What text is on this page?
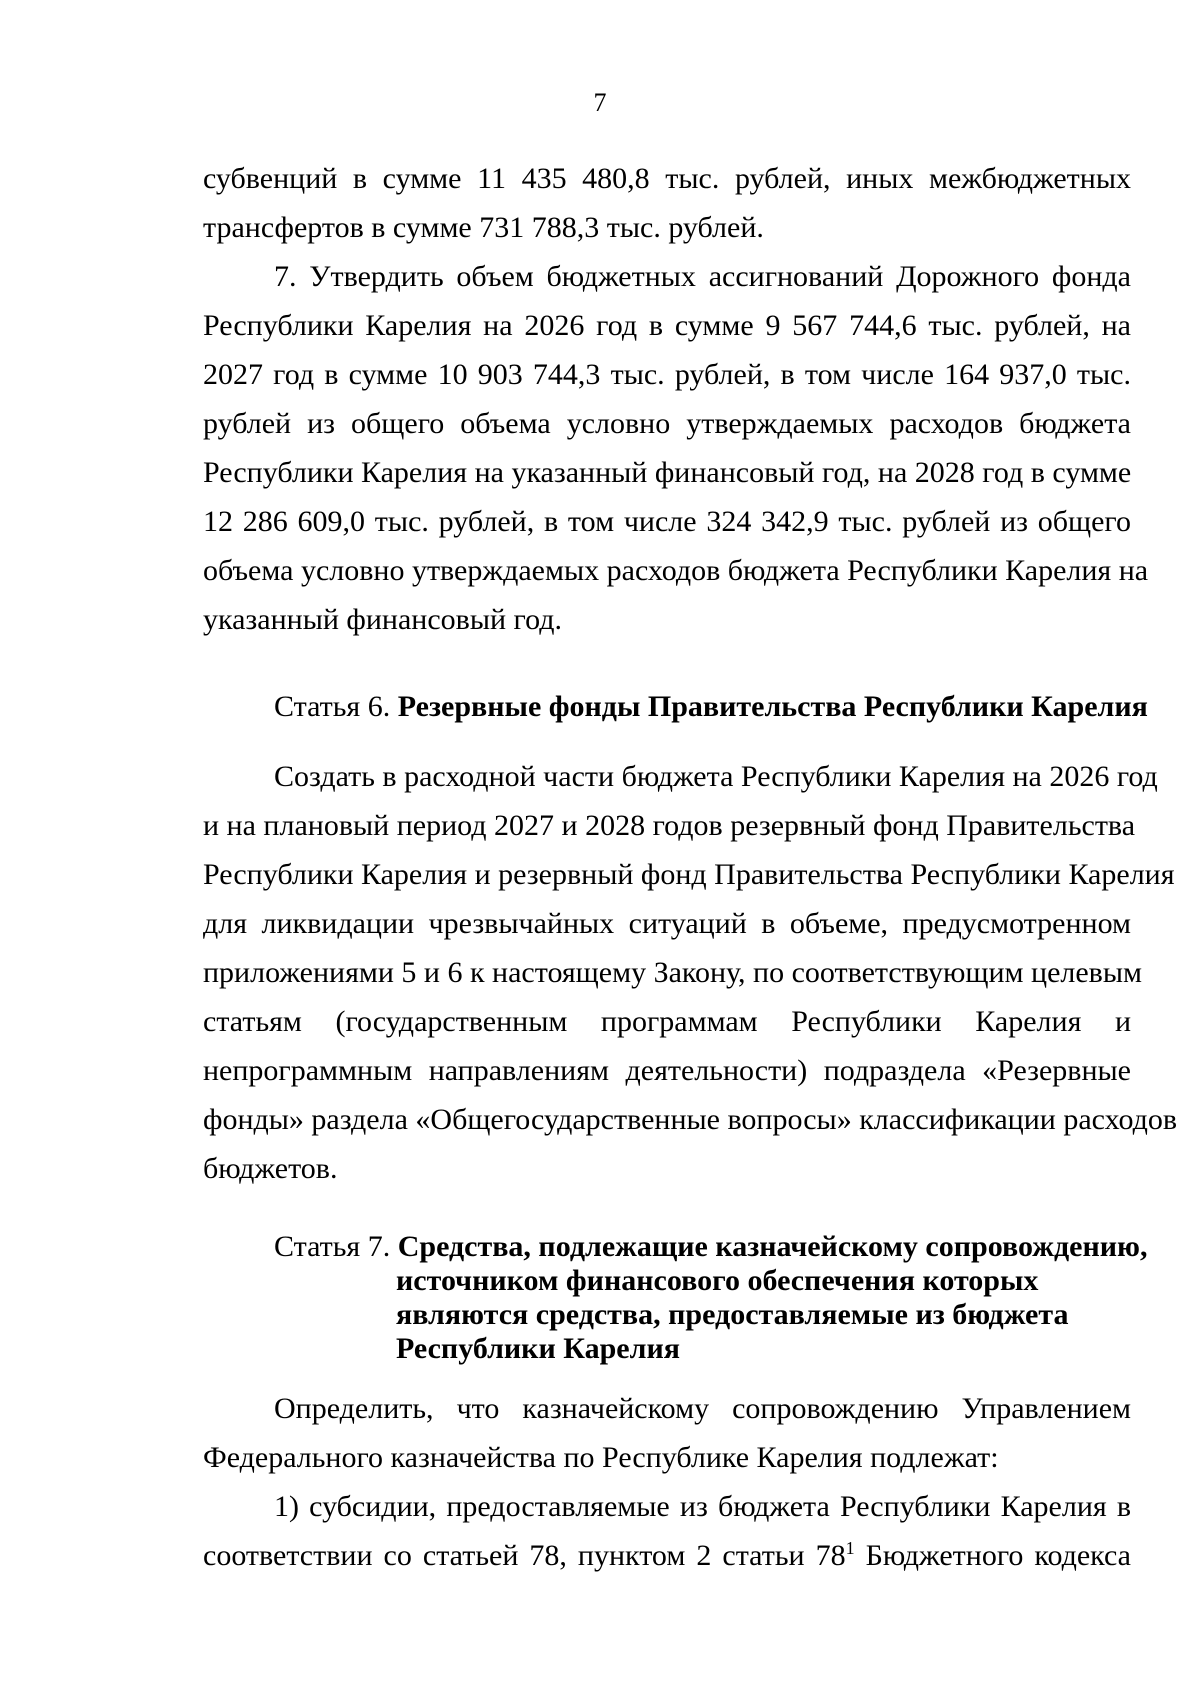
7
субвенций в сумме 11 435 480,8 тыс. рублей, иных межбюджетных
трансфертов в сумме 731 788,3 тыс. рублей.
7. Утвердить объем бюджетных ассигнований Дорожного фонда
Республики Карелия на 2026 год в сумме 9 567 744,6 тыс. рублей, на
2027 год в сумме 10 903 744,3 тыс. рублей, в том числе 164 937,0 тыс.
рублей из общего объема условно утверждаемых расходов бюджета
Республики Карелия на указанный финансовый год, на 2028 год в сумме
12 286 609,0 тыс. рублей, в том числе 324 342,9 тыс. рублей из общего
объема условно утверждаемых расходов бюджета Республики Карелия на
указанный финансовый год.
Статья 6. Резервные фонды Правительства Республики Карелия
Создать в расходной части бюджета Республики Карелия на 2026 год
и на плановый период 2027 и 2028 годов резервный фонд Правительства
Республики Карелия и резервный фонд Правительства Республики Карелия
для ликвидации чрезвычайных ситуаций в объеме, предусмотренном
приложениями 5 и 6 к настоящему Закону, по соответствующим целевым
статьям (государственным программам Республики Карелия и
непрограммным направлениям деятельности) подраздела «Резервные
фонды» раздела «Общегосударственные вопросы» классификации расходов
бюджетов.
Статья 7. Средства, подлежащие казначейскому сопровождению,
источником финансового обеспечения которых
являются средства, предоставляемые из бюджета
Республики Карелия
Определить, что казначейскому сопровождению Управлением
Федерального казначейства по Республике Карелия подлежат:
1) субсидии, предоставляемые из бюджета Республики Карелия в
соответствии со статьей 78, пунктом 2 статьи $78^1$ Бюджетного кодекса
